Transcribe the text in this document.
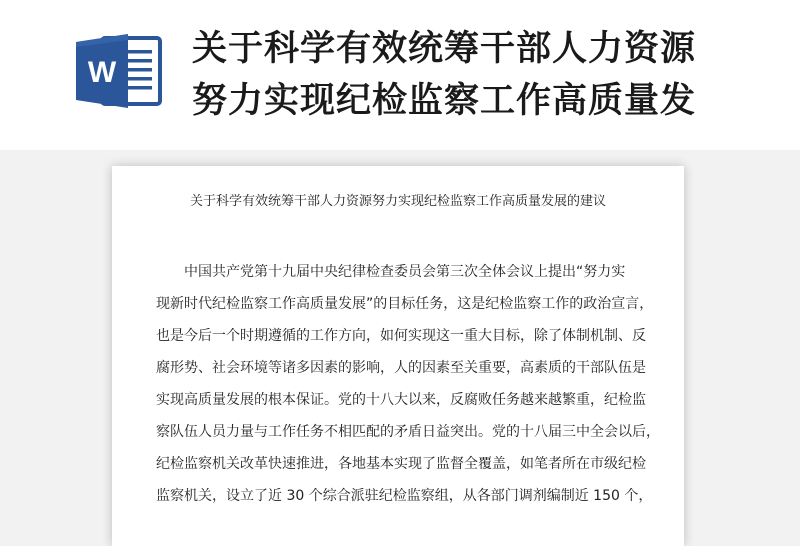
W
关于科学有效统筹干部人力资源
努力实现纪检监察工作高质量发
关于科学有效统筹干部人力资源努力实现纪检监察工作高质量发展的建议
　　中国共产党第十九届中央纪律检查委员会第三次全体会议上提出“努力实
现新时代纪检监察工作高质量发展”的目标任务，这是纪检监察工作的政治宣言，
也是今后一个时期遵循的工作方向，如何实现这一重大目标，除了体制机制、反
腐形势、社会环境等诸多因素的影响，人的因素至关重要，高素质的干部队伍是
实现高质量发展的根本保证。党的十八大以来，反腐败任务越来越繁重，纪检监
察队伍人员力量与工作任务不相匹配的矛盾日益突出。党的十八届三中全会以后，
纪检监察机关改革快速推进，各地基本实现了监督全覆盖，如笔者所在市级纪检
监察机关，设立了近 30 个综合派驻纪检监察组，从各部门调剂编制近 150 个，
